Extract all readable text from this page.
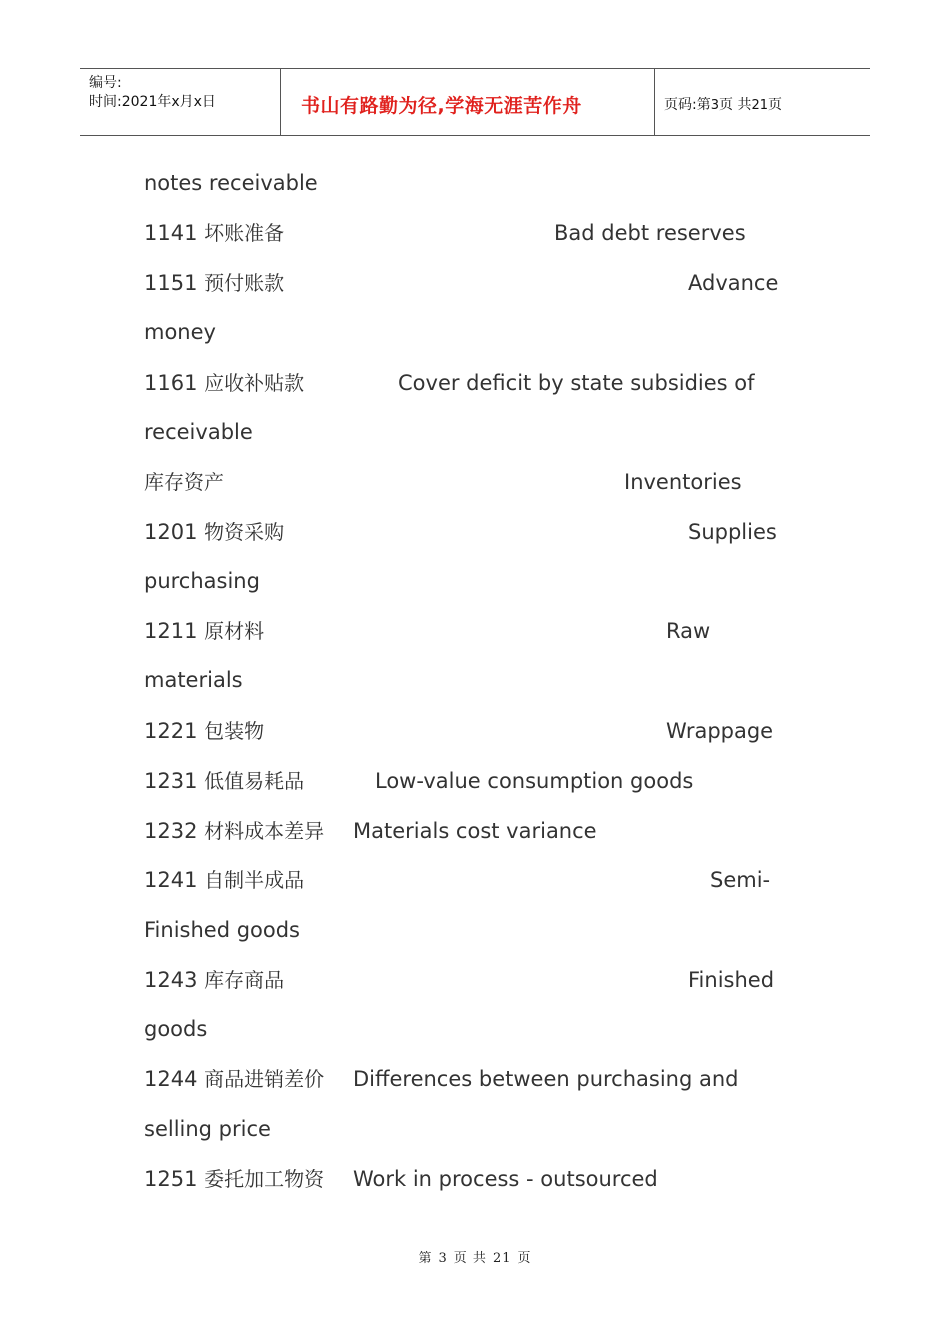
编号:
时间:2021年x月x日	书山有路勤为径,学海无涯苦作舟	页码:第3页 共21页
notes receivable
1141 坏账准备	Bad debt reserves
1151 预付账款	Advance
money
1161 应收补贴款	Cover deficit by state subsidies of
receivable
库存资产	Inventories
1201 物资采购	Supplies
purchasing
1211 原材料	Raw
materials
1221 包装物	Wrappage
1231 低值易耗品	Low-value consumption goods
1232 材料成本差异 Materials cost variance
1241 自制半成品	Semi-
Finished goods
1243 库存商品	Finished
goods
1244 商品进销差价 Differences between purchasing and
selling price
1251 委托加工物资 Work in process - outsourced
第 3 页 共 21 页
